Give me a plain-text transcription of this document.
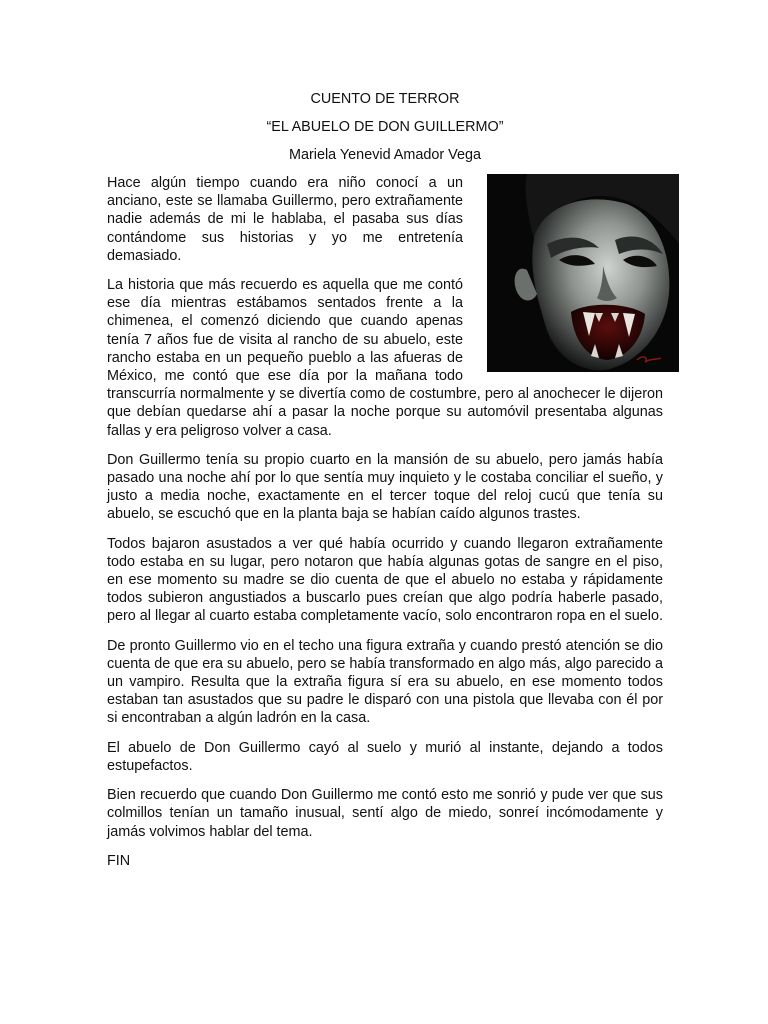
CUENTO DE TERROR

“EL ABUELO DE DON GUILLERMO”

Mariela Yenevid Amador Vega

Hace algún tiempo cuando era niño conocí a un anciano, este se llamaba Guillermo, pero extrañamente nadie además de mi le hablaba, el pasaba sus días contándome sus historias y yo me entretenía demasiado.

La historia que más recuerdo es aquella que me contó ese día mientras estábamos sentados frente a la chimenea, el comenzó diciendo que cuando apenas tenía 7 años fue de visita al rancho de su abuelo, este rancho estaba en un pequeño pueblo a las afueras de México, me contó que ese día por la mañana todo transcurría normalmente y se divertía como de costumbre, pero al anochecer le dijeron que debían quedarse ahí a pasar la noche porque su automóvil presentaba algunas fallas y era peligroso volver a casa.

Don Guillermo tenía su propio cuarto en la mansión de su abuelo, pero jamás había pasado una noche ahí por lo que sentía muy inquieto y le costaba conciliar el sueño, y justo a media noche, exactamente en el tercer toque del reloj cucú que tenía su abuelo, se escuchó que en la planta baja se habían caído algunos trastes.

Todos bajaron asustados a ver qué había ocurrido y cuando llegaron extrañamente todo estaba en su lugar, pero notaron que había algunas gotas de sangre en el piso, en ese momento su madre se dio cuenta de que el abuelo no estaba y rápidamente todos subieron angustiados a buscarlo pues creían que algo podría haberle pasado, pero al llegar al cuarto estaba completamente vacío, solo encontraron ropa en el suelo.

De pronto Guillermo vio en el techo una figura extraña y cuando prestó atención se dio cuenta de que era su abuelo, pero se había transformado en algo más, algo parecido a un vampiro. Resulta que la extraña figura sí era su abuelo, en ese momento todos estaban tan asustados que su padre le disparó con una pistola que llevaba con él por si encontraban a algún ladrón en la casa.

El abuelo de Don Guillermo cayó al suelo y murió al instante, dejando a todos estupefactos.

Bien recuerdo que cuando Don Guillermo me contó esto me sonrió y pude ver que sus colmillos tenían un tamaño inusual, sentí algo de miedo, sonreí incómodamente y jamás volvimos hablar del tema.

FIN
